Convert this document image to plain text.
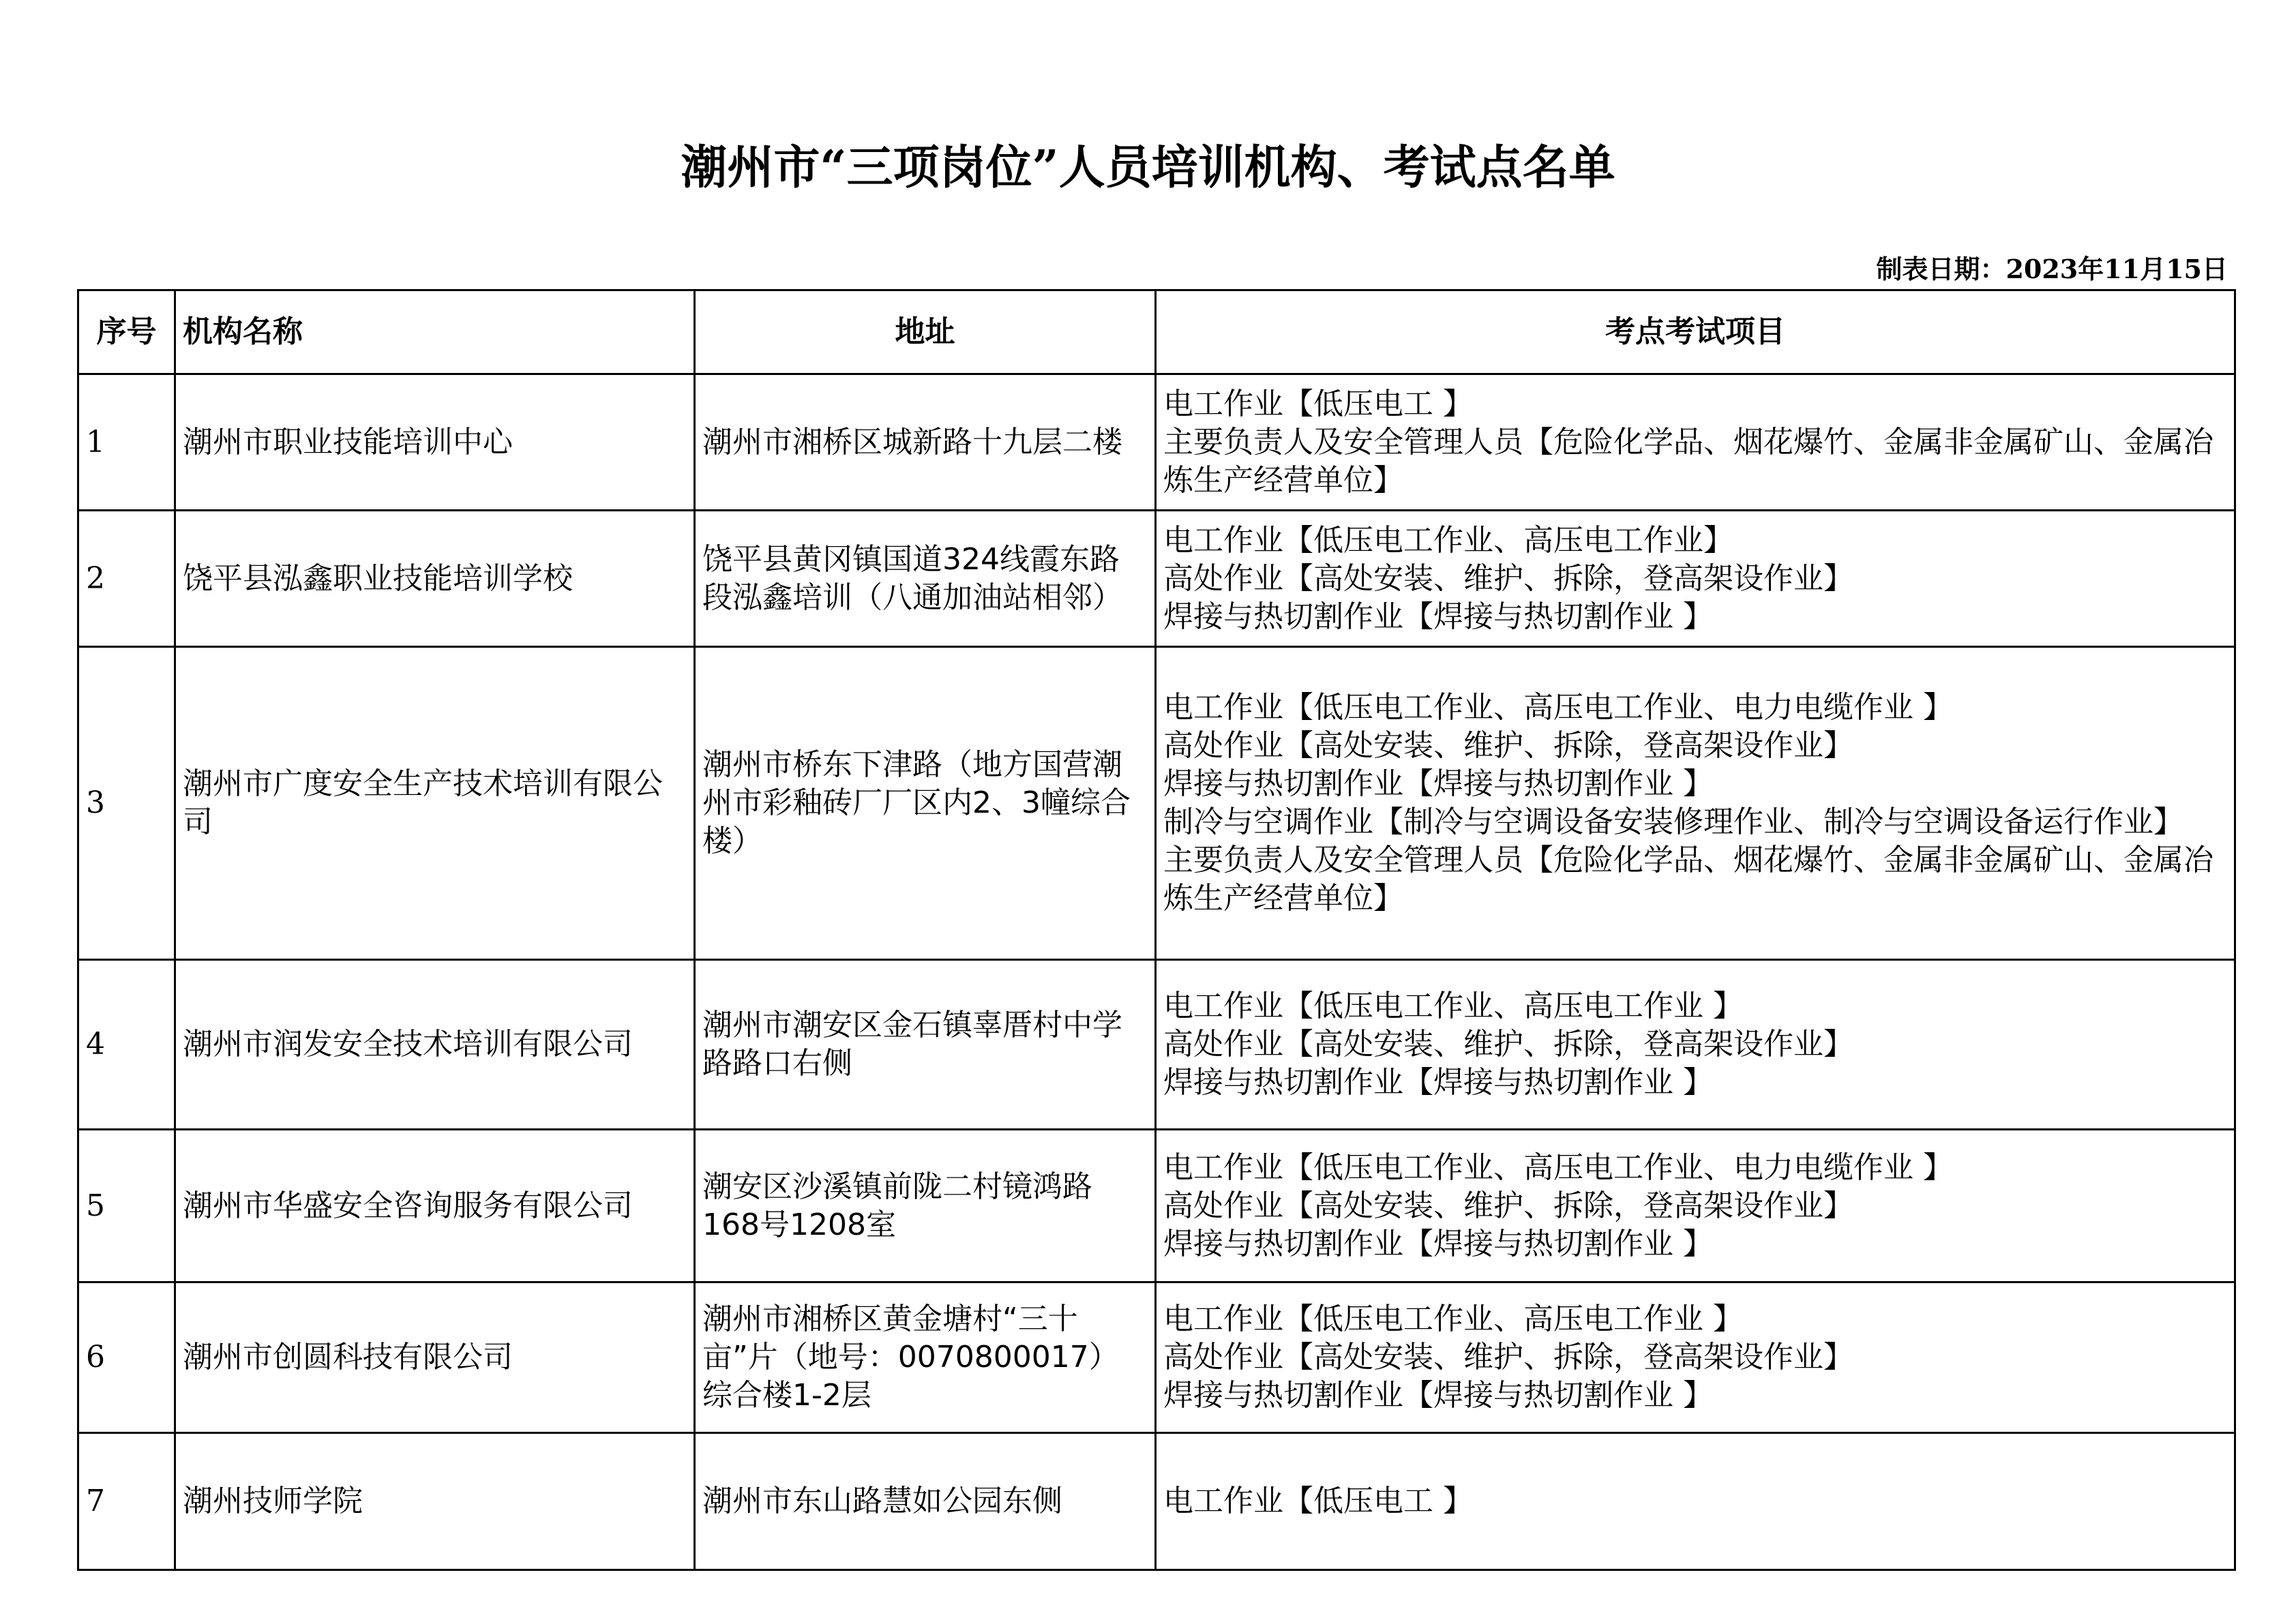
潮州市“三项岗位”人员培训机构、考试点名单
制表日期：2023年11月15日
序号	机构名称	地址	考点考试项目
1	潮州市职业技能培训中心	潮州市湘桥区城新路十九层二楼	电工作业【低压电工 】
主要负责人及安全管理人员【危险化学品、烟花爆竹、金属非金属矿山、金属冶炼生产经营单位】

2	饶平县泓鑫职业技能培训学校	饶平县黄冈镇国道324线霞东路段泓鑫培训（八通加油站相邻）	电工作业【低压电工作业、高压电工作业】
高处作业【高处安装、维护、拆除，登高架设作业】
焊接与热切割作业【焊接与热切割作业 】

3	潮州市广度安全生产技术培训有限公司	潮州市桥东下津路（地方国营潮州市彩釉砖厂厂区内2、3幢综合楼）	电工作业【低压电工作业、高压电工作业、电力电缆作业 】
高处作业【高处安装、维护、拆除，登高架设作业】
焊接与热切割作业【焊接与热切割作业 】
制冷与空调作业【制冷与空调设备安装修理作业、制冷与空调设备运行作业】
主要负责人及安全管理人员【危险化学品、烟花爆竹、金属非金属矿山、金属冶炼生产经营单位】

4	潮州市润发安全技术培训有限公司	潮州市潮安区金石镇辜厝村中学路路口右侧	电工作业【低压电工作业、高压电工作业 】
高处作业【高处安装、维护、拆除，登高架设作业】
焊接与热切割作业【焊接与热切割作业 】

5	潮州市华盛安全咨询服务有限公司	潮安区沙溪镇前陇二村镜鸿路168号1208室	电工作业【低压电工作业、高压电工作业、电力电缆作业 】
高处作业【高处安装、维护、拆除，登高架设作业】
焊接与热切割作业【焊接与热切割作业 】

6	潮州市创圆科技有限公司	潮州市湘桥区黄金塘村“三十亩”片（地号：0070800017）综合楼1-2层	电工作业【低压电工作业、高压电工作业 】
高处作业【高处安装、维护、拆除，登高架设作业】
焊接与热切割作业【焊接与热切割作业 】

7	潮州技师学院	潮州市东山路慧如公园东侧	电工作业【低压电工 】
